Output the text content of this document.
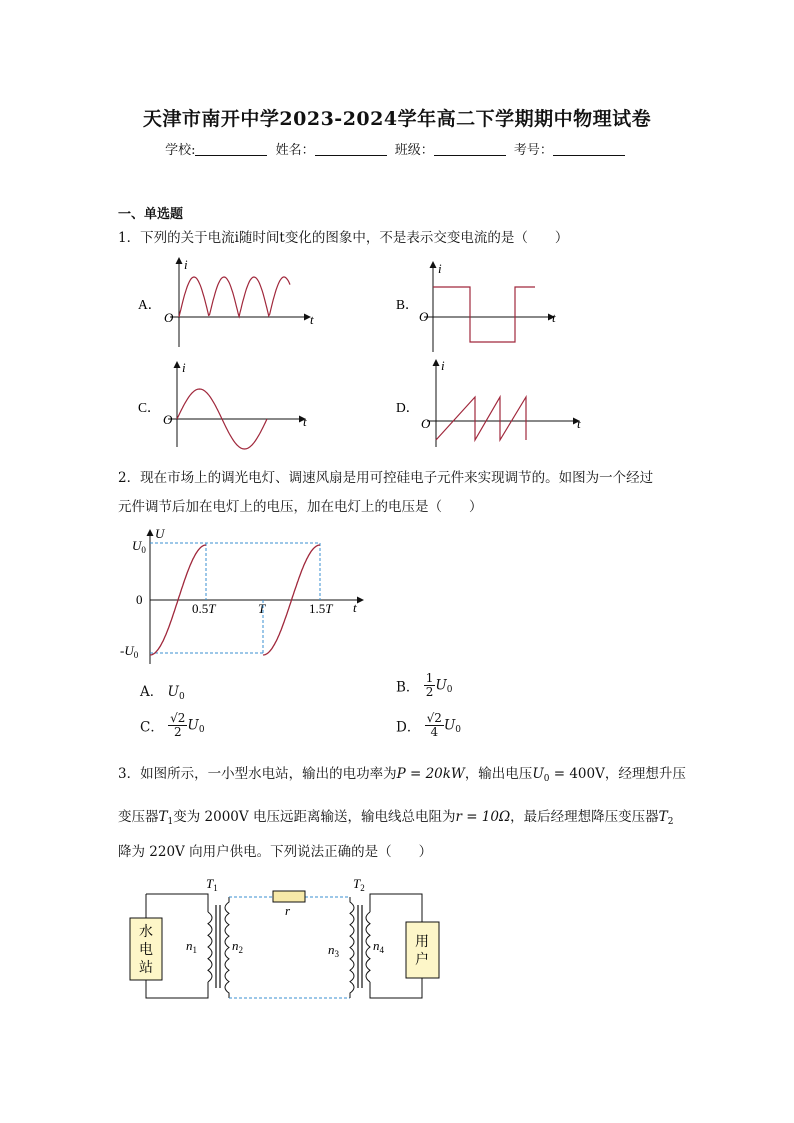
天津市南开中学2023-2024学年高二下学期期中物理试卷
学校:	姓名：	班级：	考号：
一、单选题
1．下列的关于电流i随时间t变化的图象中，不是表示交变电流的是（　　）
A．
i
t
O
B．
i
t
O
C．
i
t
O
D．
i
t
O
2．现在市场上的调光电灯、调速风扇是用可控硅电子元件来实现调节的。如图为一个经过
元件调节后加在电灯上的电压，加在电灯上的电压是（　　）
U
t
$U_0$
0
$-U_0$
0.5T	T	1.5T
A． $U_0$
B． $\frac{1}{2} U_0$
C． $\frac{√2}{2} U_0$	D． $\frac{√2}{4} U_0$
3．如图所示，一小型水电站，输出的电功率为P = 20kW，输出电压$U_0 = 400V$，经理想升压
变压器$T_1$变为 2000V 电压远距离输送，输电线总电阻为r = 10Ω，最后经理想降压变压器$T_2$
降为 220V 向用户供电。下列说法正确的是（　　）
水
电
站
r
用
户
$T_1$	$T_2$
$n_1$	$n_2$	$n_3$
$n_4$
